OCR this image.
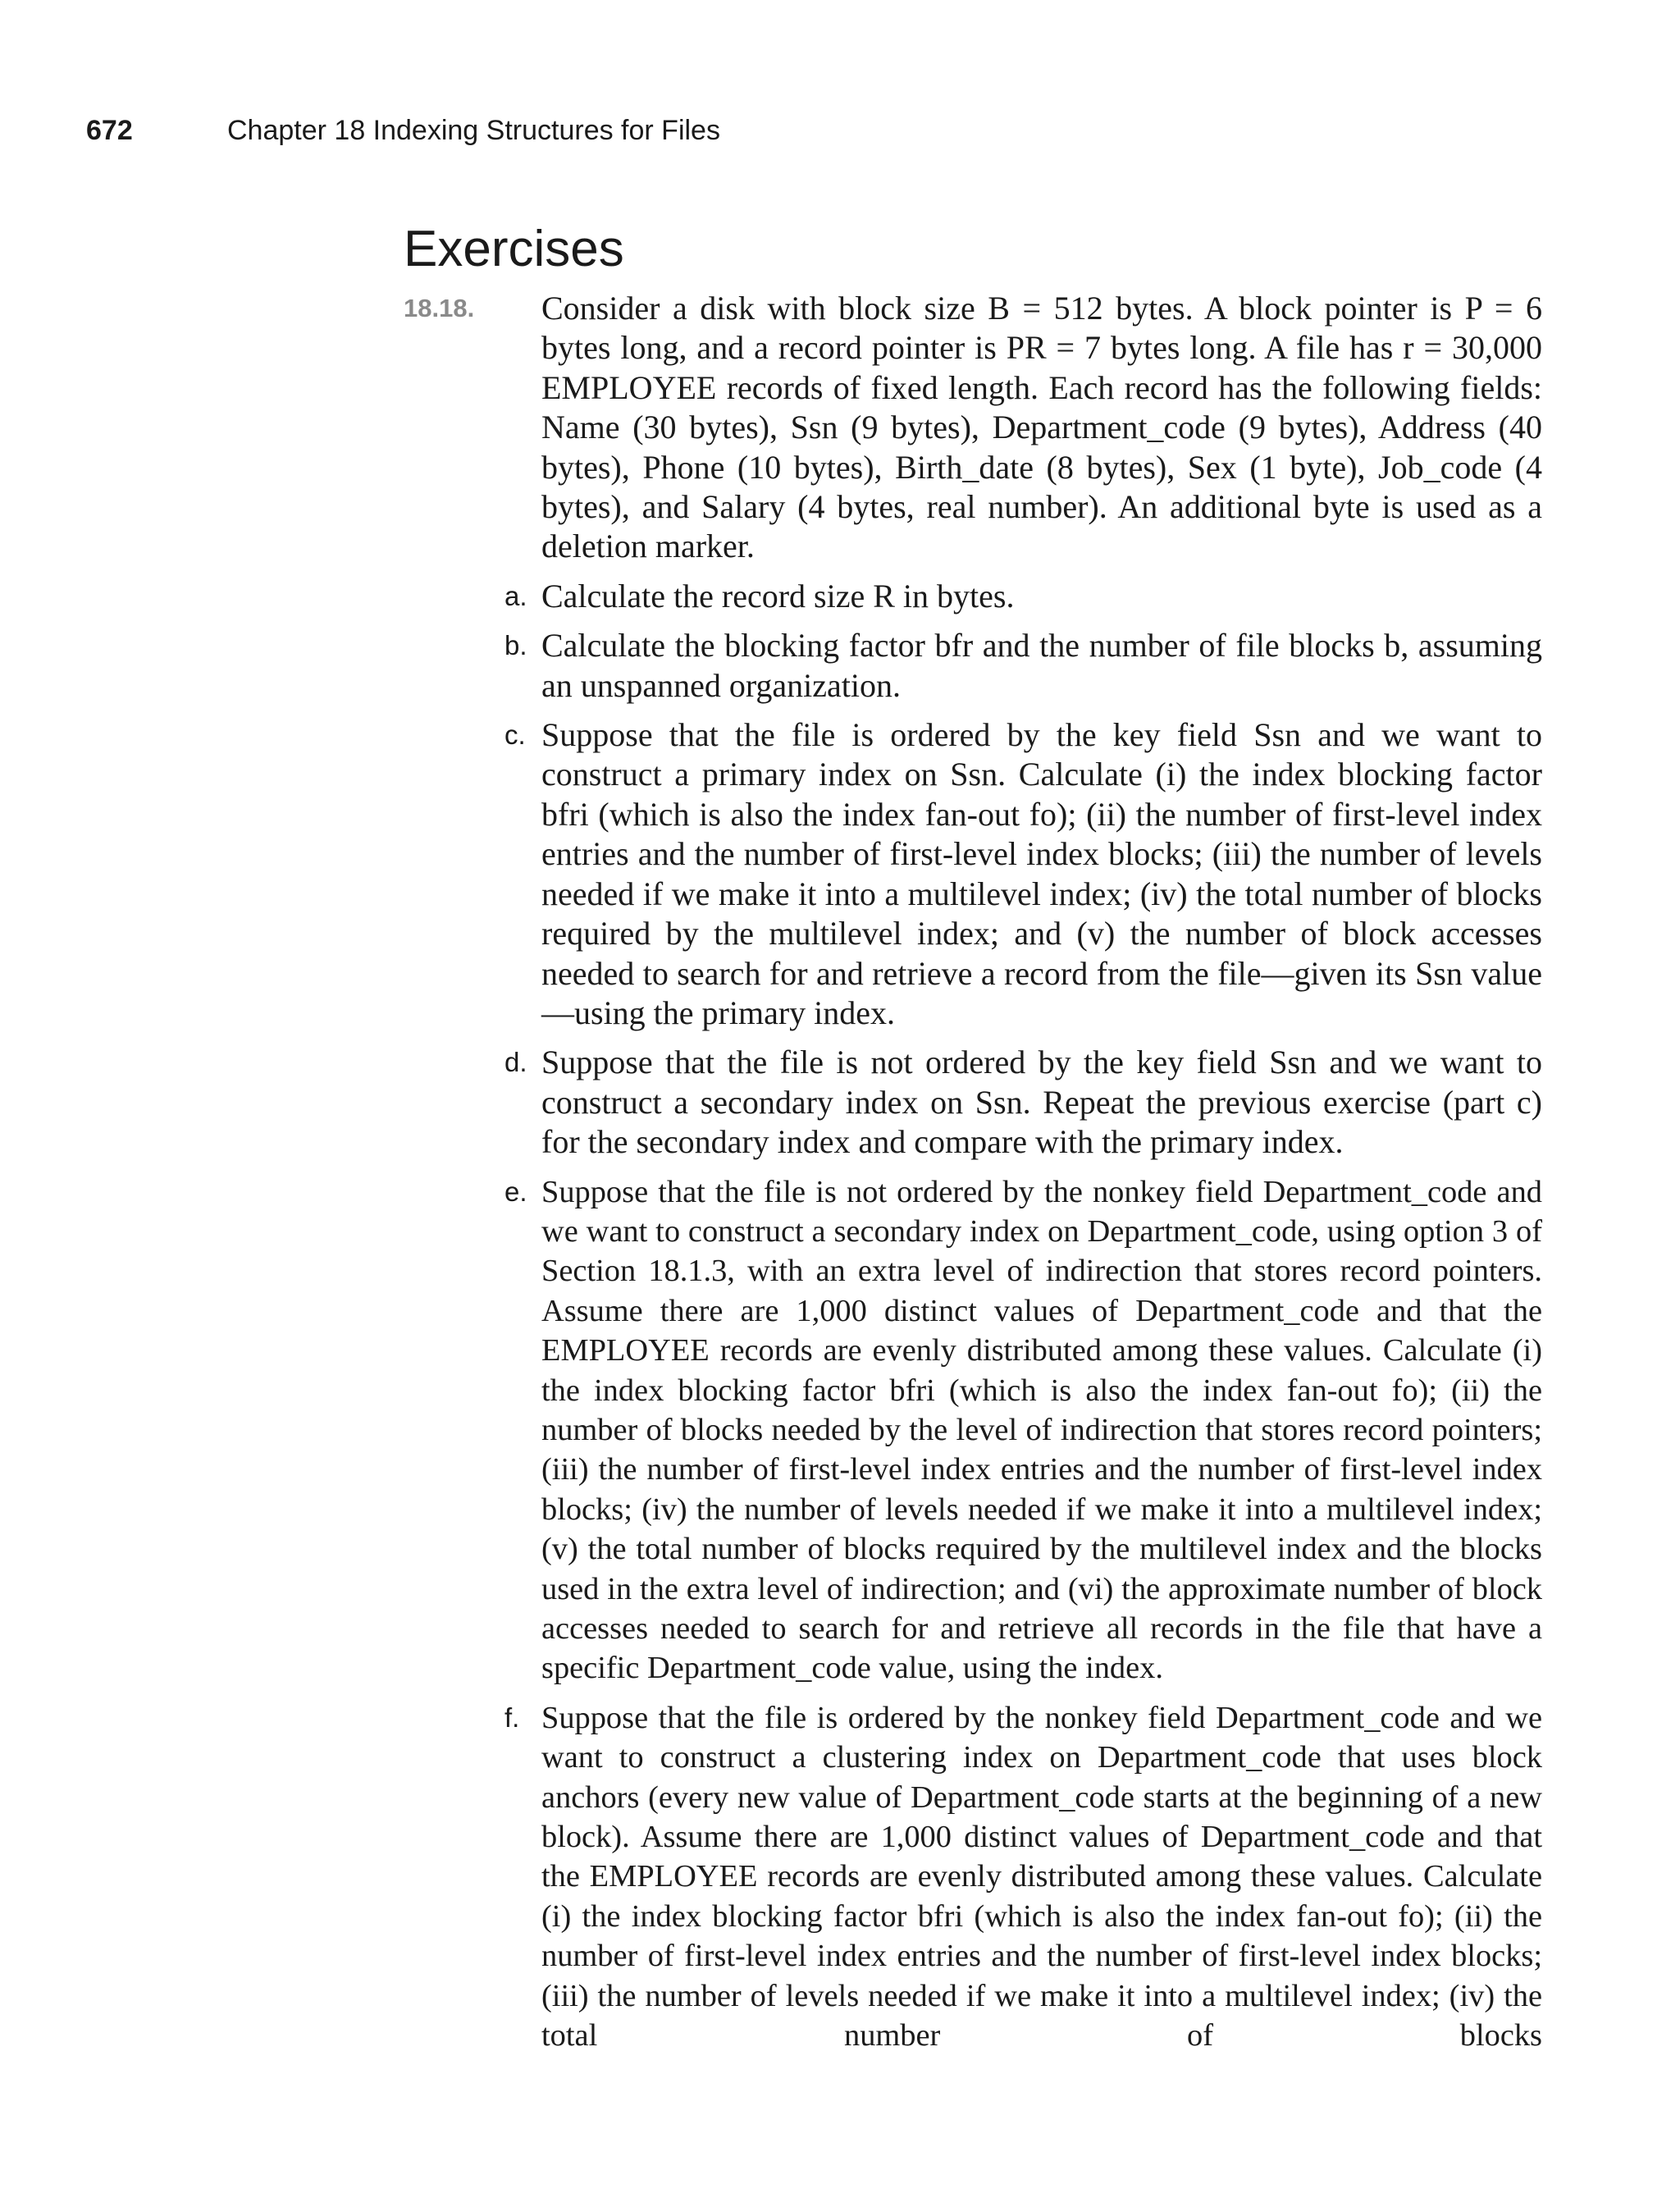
672	Chapter 18 Indexing Structures for Files
Exercises
18.18. Consider a disk with block size B = 512 bytes. A block pointer is P = 6 bytes long, and a record pointer is PR = 7 bytes long. A file has r = 30,000 EMPLOYEE records of fixed length. Each record has the following fields: Name (30 bytes), Ssn (9 bytes), Department_code (9 bytes), Address (40 bytes), Phone (10 bytes), Birth_date (8 bytes), Sex (1 byte), Job_code (4 bytes), and Salary (4 bytes, real number). An additional byte is used as a deletion marker.

a. Calculate the record size R in bytes.
b. Calculate the blocking factor bfr and the number of file blocks b, assuming an unspanned organization.
c. Suppose that the file is ordered by the key field Ssn and we want to construct a primary index on Ssn. Calculate (i) the index blocking factor bfri (which is also the index fan-out fo); (ii) the number of first-level index entries and the number of first-level index blocks; (iii) the number of levels needed if we make it into a multilevel index; (iv) the total number of blocks required by the multilevel index; and (v) the number of block accesses needed to search for and retrieve a record from the file—given its Ssn value—using the primary index.
d. Suppose that the file is not ordered by the key field Ssn and we want to construct a secondary index on Ssn. Repeat the previous exercise (part c) for the secondary index and compare with the primary index.
e. Suppose that the file is not ordered by the nonkey field Department_code and we want to construct a secondary index on Department_code, using option 3 of Section 18.1.3, with an extra level of indirection that stores record pointers. Assume there are 1,000 distinct values of Department_code and that the EMPLOYEE records are evenly distributed among these values. Calculate (i) the index blocking factor bfri (which is also the index fan-out fo); (ii) the number of blocks needed by the level of indirection that stores record pointers; (iii) the number of first-level index entries and the number of first-level index blocks; (iv) the number of levels needed if we make it into a multilevel index; (v) the total number of blocks required by the multilevel index and the blocks used in the extra level of indirection; and (vi) the approximate number of block accesses needed to search for and retrieve all records in the file that have a specific Department_code value, using the index.
f. Suppose that the file is ordered by the nonkey field Department_code and we want to construct a clustering index on Department_code that uses block anchors (every new value of Department_code starts at the beginning of a new block). Assume there are 1,000 distinct values of Department_code and that the EMPLOYEE records are evenly distributed among these values. Calculate (i) the index blocking factor bfri (which is also the index fan-out fo); (ii) the number of first-level index entries and the number of first-level index blocks; (iii) the number of levels needed if we make it into a multilevel index; (iv) the total number of blocks
